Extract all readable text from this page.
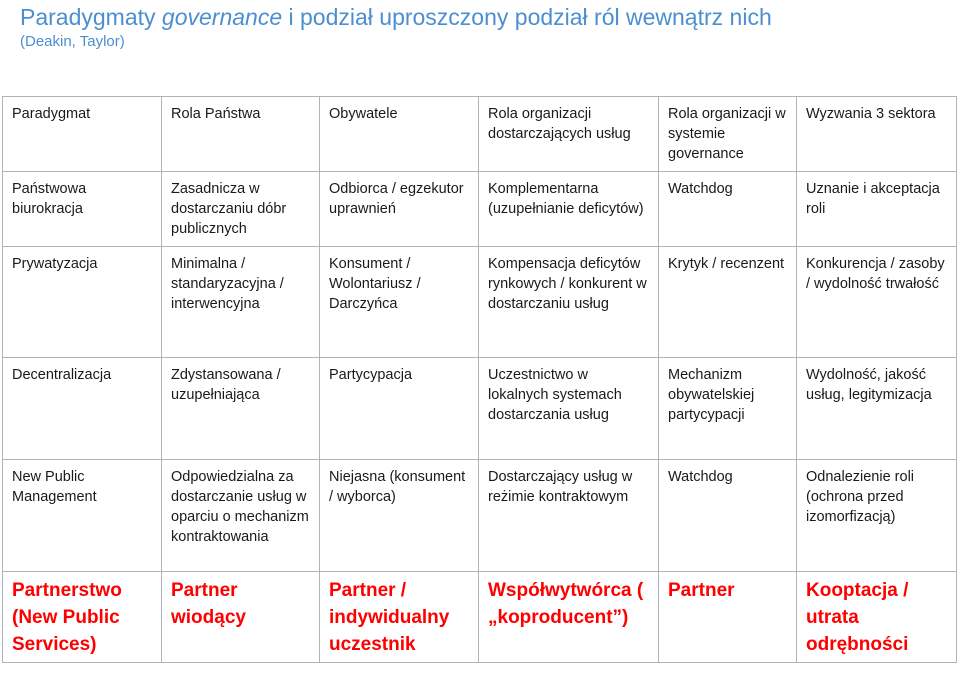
Paradygmaty governance i podział uproszczony podział ról wewnątrz nich
(Deakin, Taylor)
Paradygmat	Rola Państwa	Obywatele	Rola organizacji dostarczających usług	Rola organizacji w systemie governance	Wyzwania 3 sektora
Państwowa biurokracja	Zasadnicza w dostarczaniu dóbr publicznych	Odbiorca / egzekutor uprawnień	Komplementarna (uzupełnianie deficytów)	Watchdog	Uznanie i akceptacja roli
Prywatyzacja	Minimalna / standaryzacyjna / interwencyjna	Konsument / Wolontariusz / Darczyńca	Kompensacja deficytów rynkowych / konkurent w dostarczaniu usług	Krytyk / recenzent	Konkurencja / zasoby / wydolność trwałość
Decentralizacja	Zdystansowana / uzupełniająca	Partycypacja	Uczestnictwo w lokalnych systemach dostarczania usług	Mechanizm obywatelskiej partycypacji	Wydolność, jakość usług, legitymizacja
New Public Management	Odpowiedzialna za dostarczanie usług w oparciu o mechanizm kontraktowania	Niejasna (konsument / wyborca)	Dostarczający usług w reżimie kontraktowym	Watchdog	Odnalezienie roli (ochrona przed izomorfizacją)
Partnerstwo (New Public Services)	Partner wiodący	Partner / indywidualny uczestnik	Współwytwórca ( „koproducent”)	Partner	Kooptacja / utrata odrębności
